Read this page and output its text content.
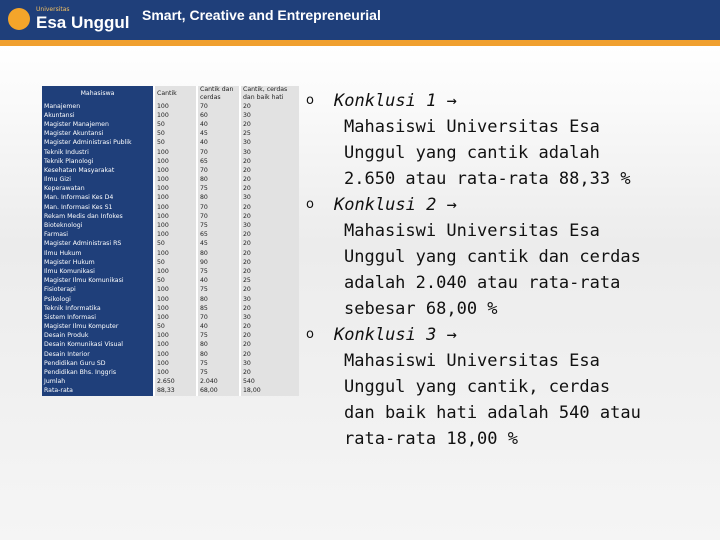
Universitas
Esa Unggul Smart, Creative and Entrepreneurial
Mahasiswa	Cantik	Cantik dan cerdas	Cantik, cerdas dan baik hati
Manajemen	100	70	20
Akuntansi	100	60	30
Magister Manajemen	50	40	20
Magister Akuntansi	50	45	25
Magister Administrasi Publik	50	40	30
Teknik Industri	100	70	30
Teknik Planologi	100	65	20
Kesehatan Masyarakat	100	70	20
Ilmu Gizi	100	80	20
Keperawatan	100	75	20
Man. Informasi Kes D4	100	80	30
Man. Informasi Kes S1	100	70	20
Rekam Medis dan Infokes	100	70	20
Bioteknologi	100	75	30
Farmasi	100	65	20
Magister Administrasi RS	50	45	20
Ilmu Hukum	100	80	20
Magister Hukum	50	90	20
Ilmu Komunikasi	100	75	20
Magister Ilmu Komunikasi	50	40	25
Fisioterapi	100	75	20
Psikologi	100	80	30
Teknik Informatika	100	85	20
Sistem Informasi	100	70	30
Magister Ilmu Komputer	50	40	20
Desain Produk	100	75	20
Desain Komunikasi Visual	100	80	20
Desain Interior	100	80	20
Pendidikan Guru SD	100	75	30
Pendidikan Bhs. Inggris	100	75	20
Jumlah	2.650	2.040	540
Rata-rata	88,33	68,00	18,00
o	Konklusi 1 →
Mahasiswi Universitas Esa
Unggul yang cantik adalah
2.650 atau rata-rata 88,33 %
o	Konklusi 2 →
Mahasiswi Universitas Esa
Unggul yang cantik dan cerdas
adalah 2.040 atau rata-rata
sebesar 68,00 %
o	Konklusi 3 →
Mahasiswi Universitas Esa
Unggul yang cantik, cerdas
dan baik hati adalah 540 atau
rata-rata 18,00 %
